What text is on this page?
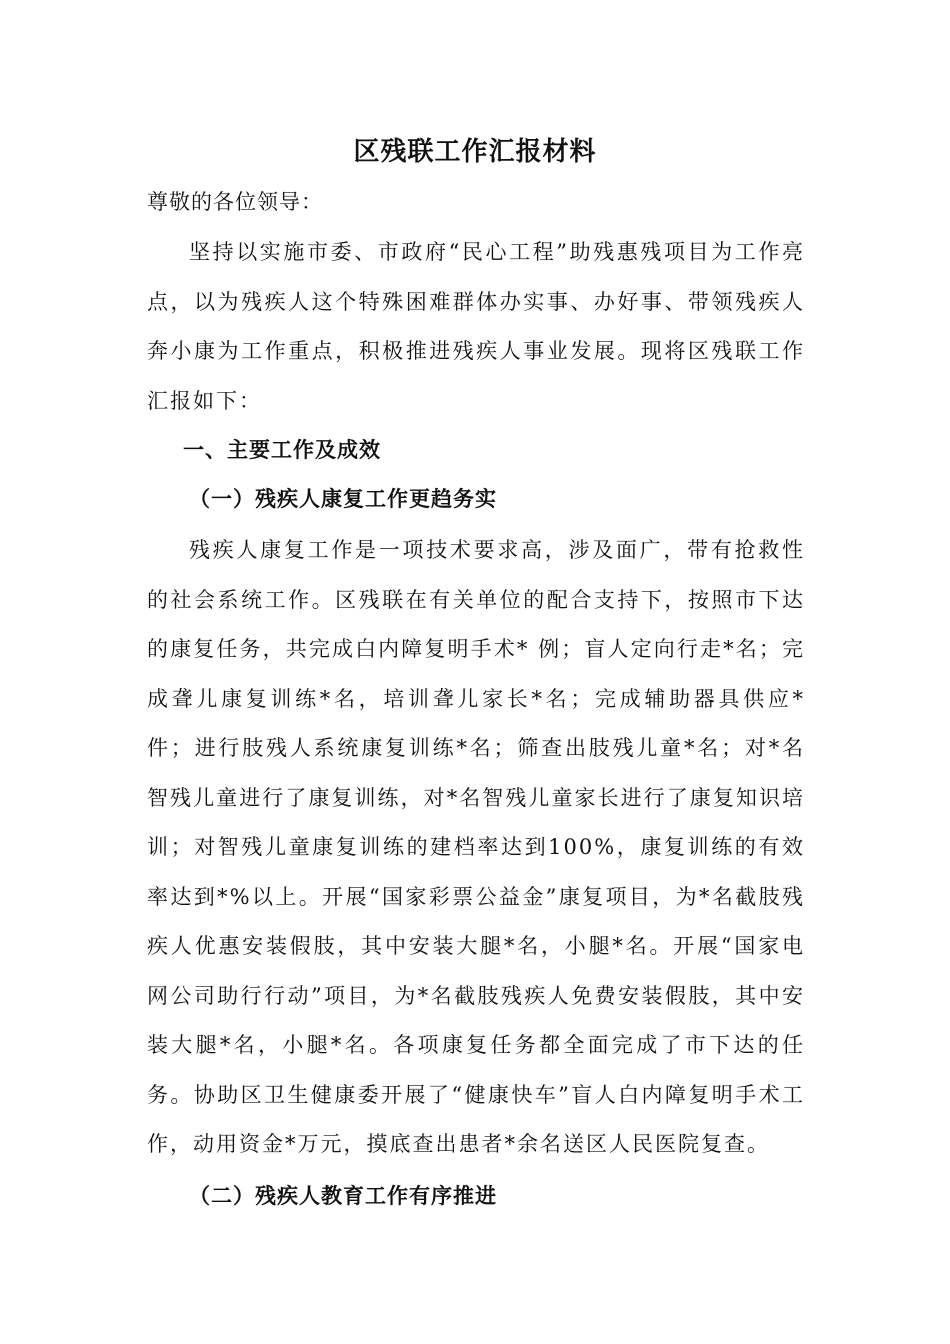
区残联工作汇报材料
尊敬的各位领导：
坚持以实施市委、市政府“民心工程”助残惠残项目为工作亮点，以为残疾人这个特殊困难群体办实事、办好事、带领残疾人奔小康为工作重点，积极推进残疾人事业发展。现将区残联工作汇报如下：
一、主要工作及成效
（一）残疾人康复工作更趋务实
残疾人康复工作是一项技术要求高，涉及面广，带有抢救性的社会系统工作。区残联在有关单位的配合支持下，按照市下达的康复任务，共完成白内障复明手术* 例；盲人定向行走*名；完成聋儿康复训练*名，培训聋儿家长*名；完成辅助器具供应*件；进行肢残人系统康复训练*名；筛查出肢残儿童*名；对*名智残儿童进行了康复训练，对*名智残儿童家长进行了康复知识培训；对智残儿童康复训练的建档率达到100%，康复训练的有效率达到*%以上。开展“国家彩票公益金”康复项目，为*名截肢残疾人优惠安装假肢，其中安装大腿*名，小腿*名。开展“国家电网公司助行行动”项目，为*名截肢残疾人免费安装假肢，其中安装大腿*名，小腿*名。各项康复任务都全面完成了市下达的任务。协助区卫生健康委开展了“健康快车”盲人白内障复明手术工作，动用资金*万元，摸底查出患者*余名送区人民医院复查。
（二）残疾人教育工作有序推进
